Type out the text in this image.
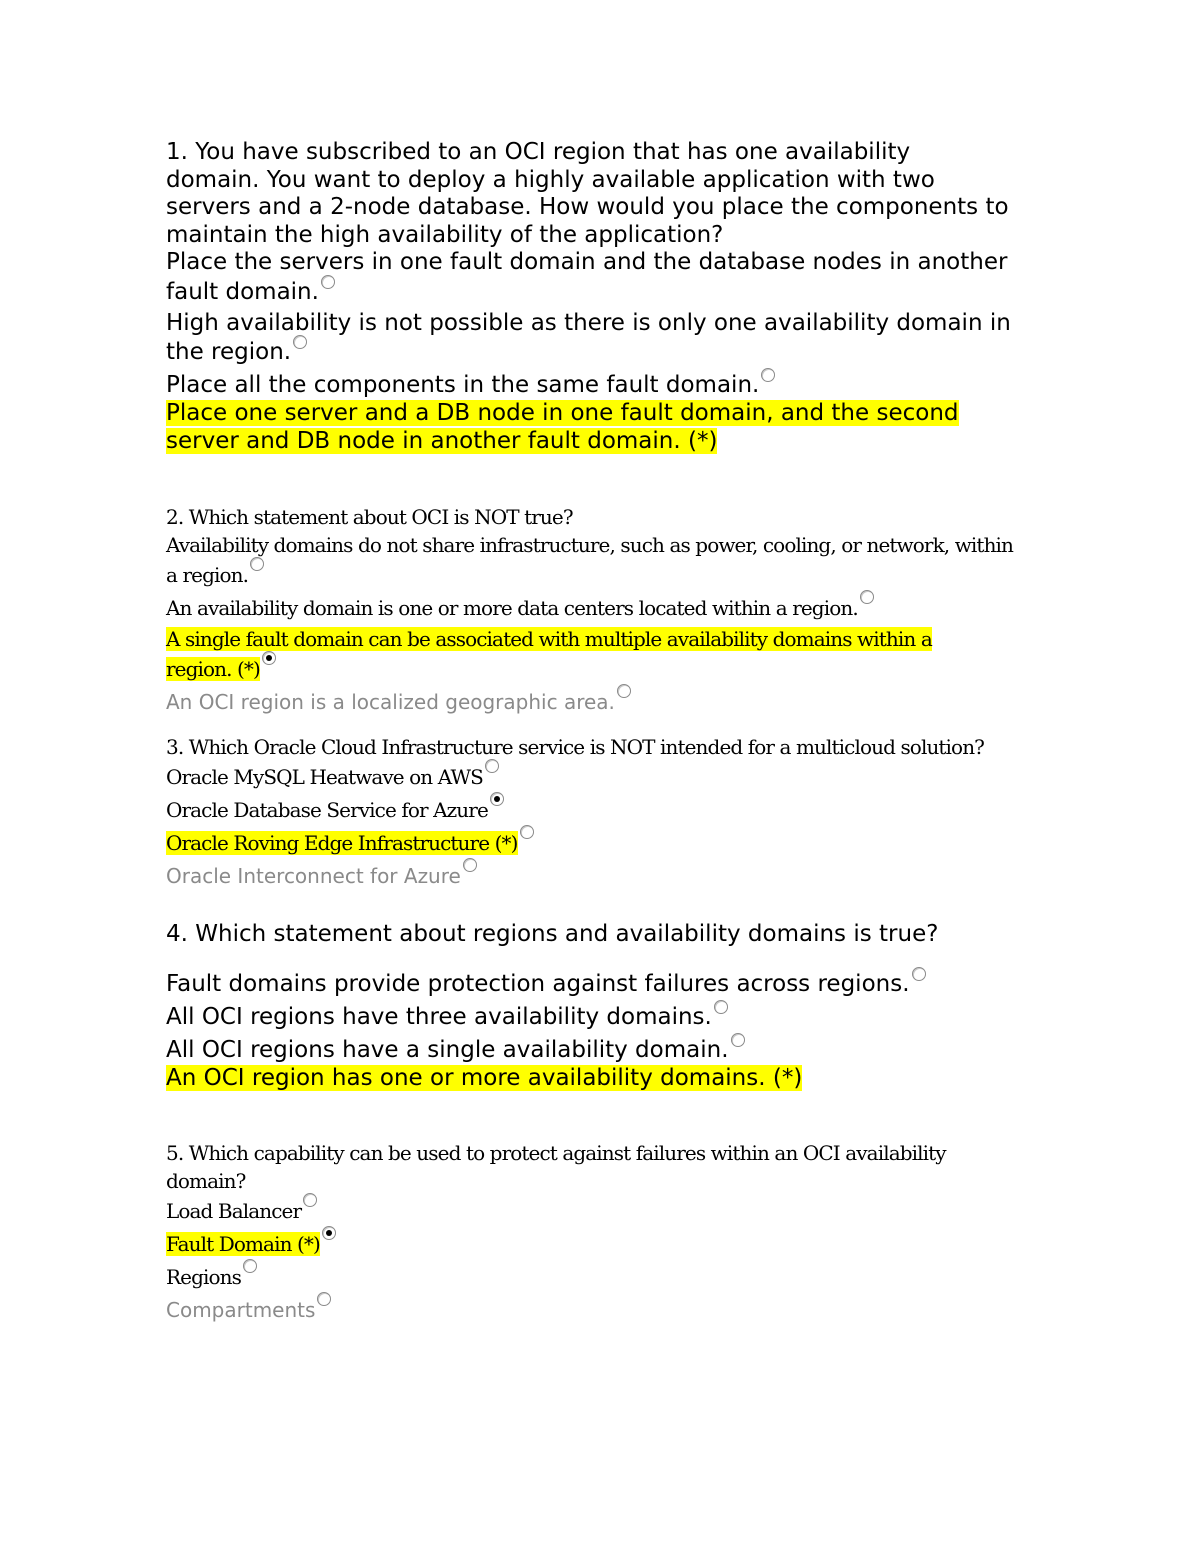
1. You have subscribed to an OCI region that has one availability
domain. You want to deploy a highly available application with two
servers and a 2-node database. How would you place the components to
maintain the high availability of the application?
Place the servers in one fault domain and the database nodes in another
fault domain.
High availability is not possible as there is only one availability domain in
the region.
Place all the components in the same fault domain.
Place one server and a DB node in one fault domain, and the second
server and DB node in another fault domain. (*)
2. Which statement about OCI is NOT true?
Availability domains do not share infrastructure, such as power, cooling, or network, within
a region.
An availability domain is one or more data centers located within a region.
A single fault domain can be associated with multiple availability domains within a
region. (*)
An OCI region is a localized geographic area.
3. Which Oracle Cloud Infrastructure service is NOT intended for a multicloud solution?
Oracle MySQL Heatwave on AWS
Oracle Database Service for Azure
Oracle Roving Edge Infrastructure (*)
Oracle Interconnect for Azure
4. Which statement about regions and availability domains is true?
Fault domains provide protection against failures across regions.
All OCI regions have three availability domains.
All OCI regions have a single availability domain.
An OCI region has one or more availability domains. (*)
5. Which capability can be used to protect against failures within an OCI availability
domain?
Load Balancer
Fault Domain (*)
Regions
Compartments
